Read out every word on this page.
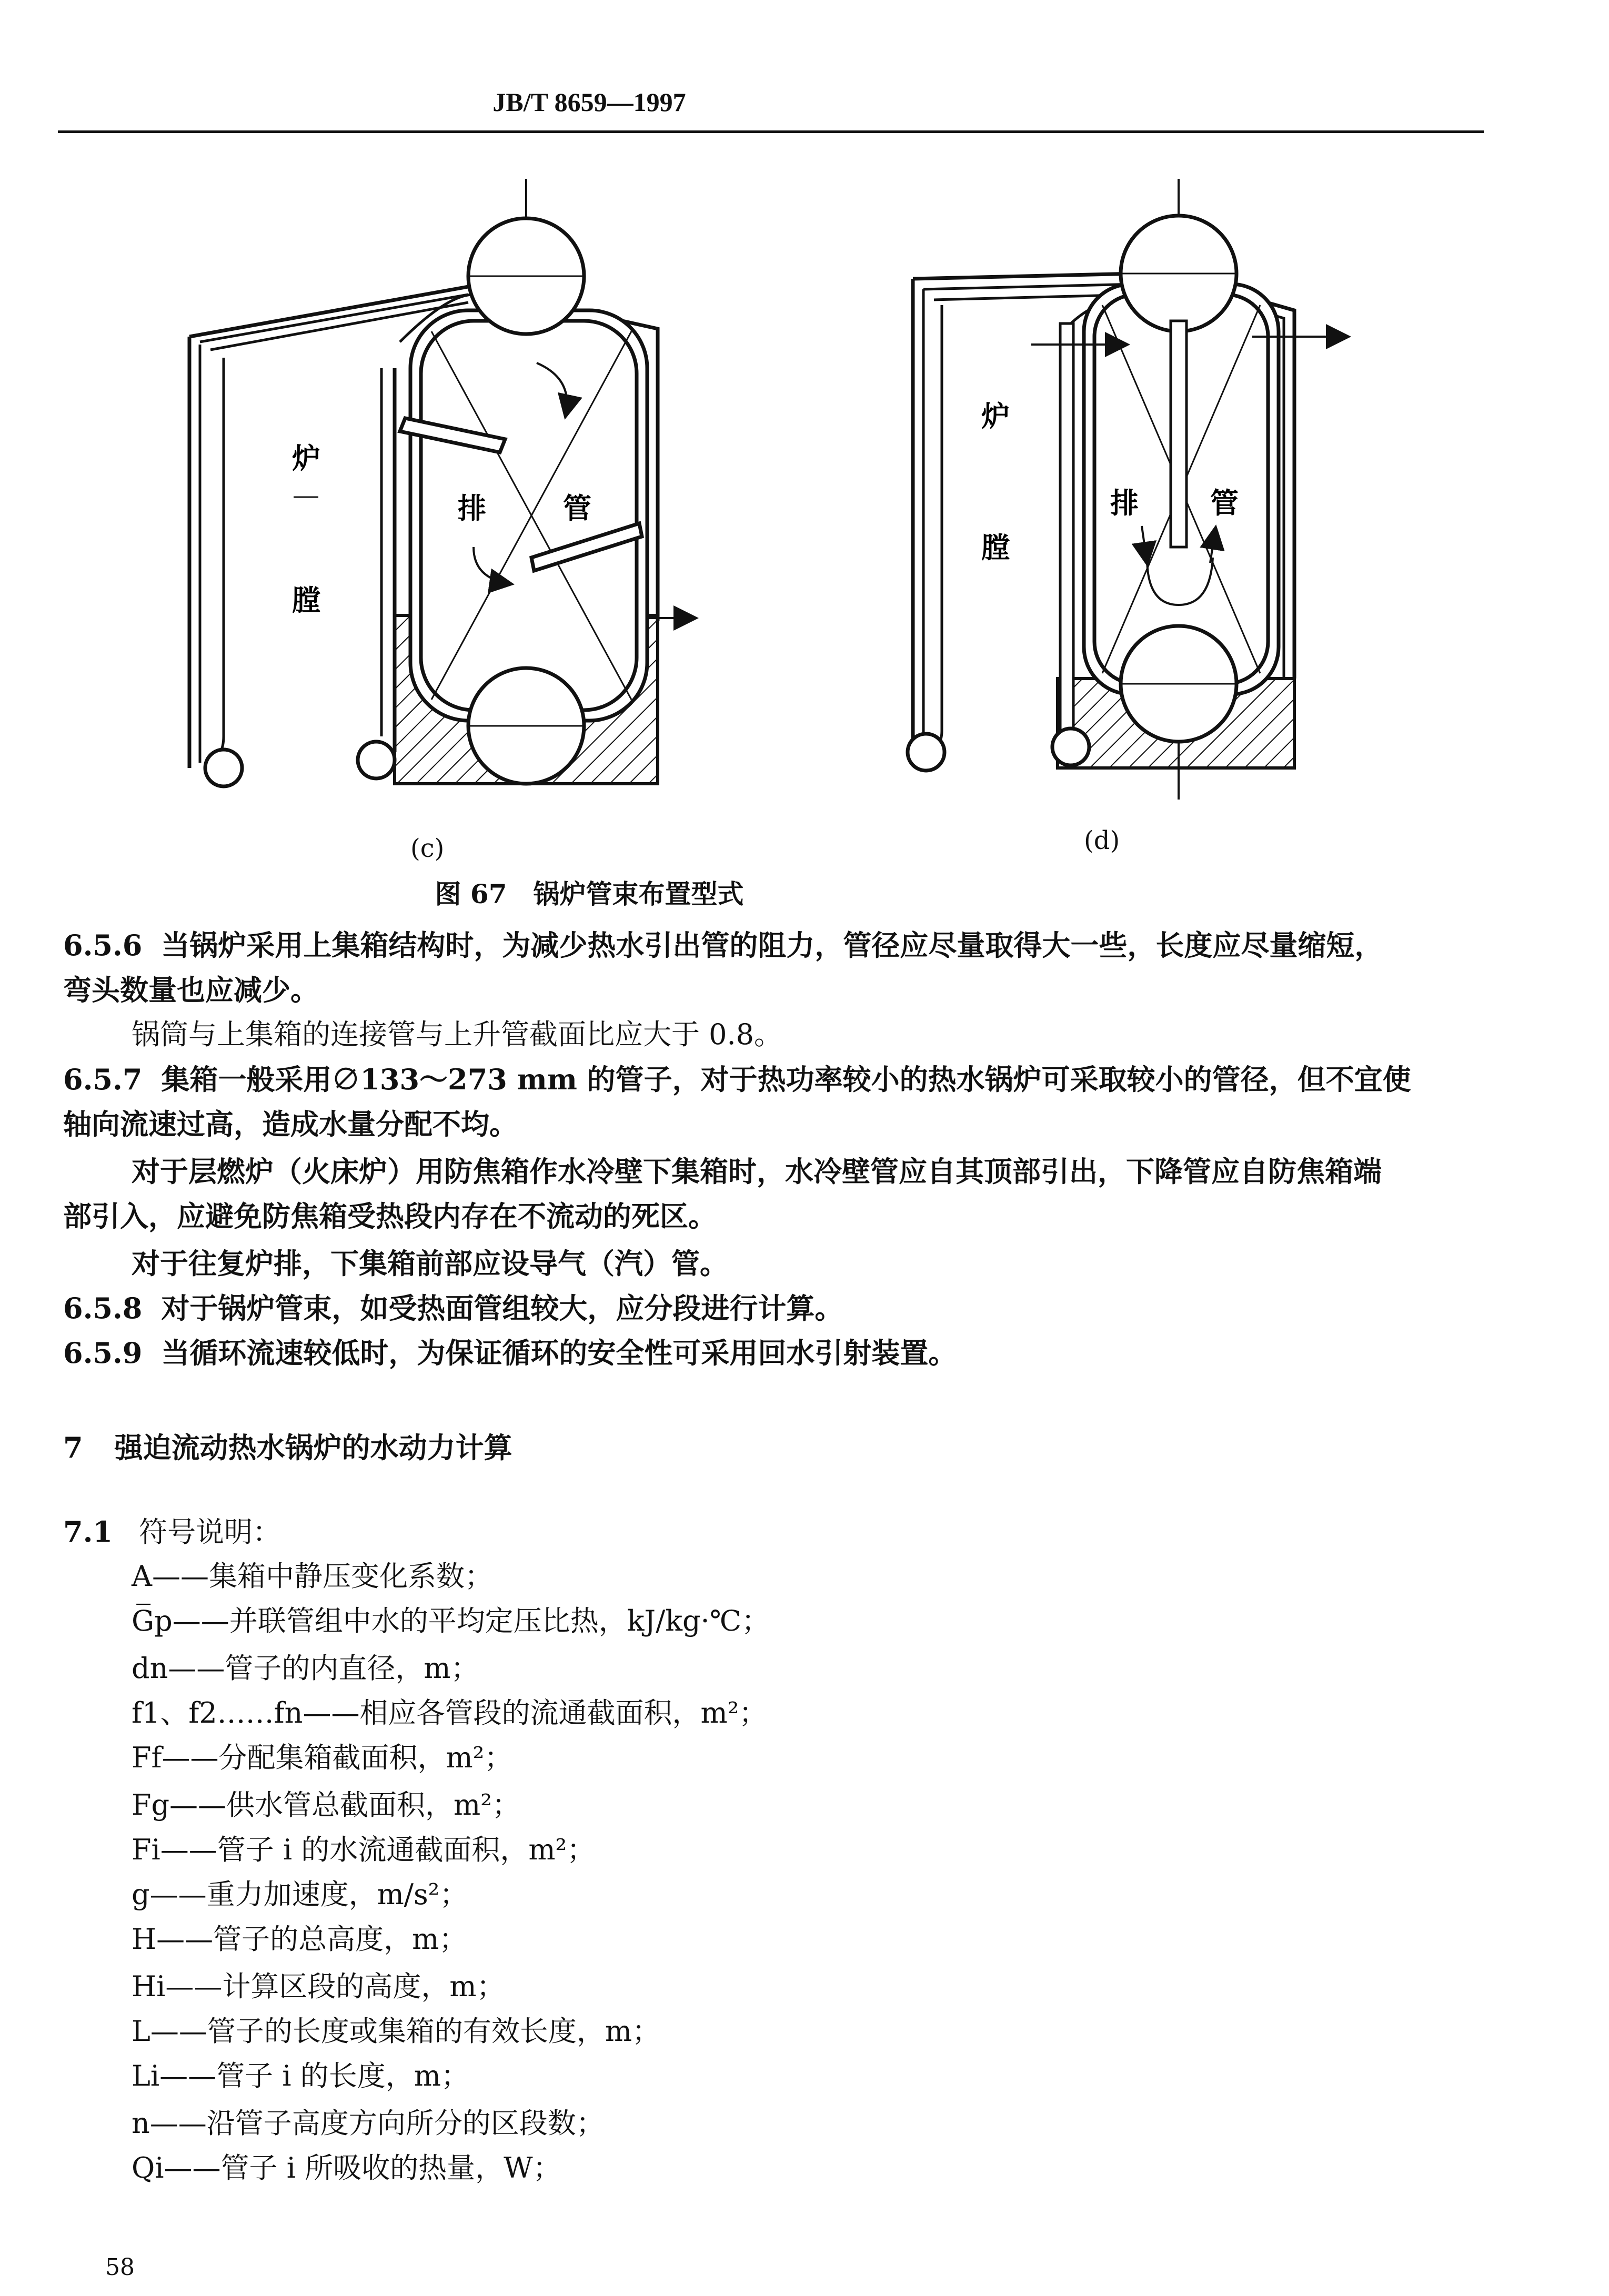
JB/T 8659—1997
炉
膛
排	管
炉
膛
排	管
(c)	(d)
图 67　锅炉管束布置型式
6.5.6 当锅炉采用上集箱结构时，为减少热水引出管的阻力，管径应尽量取得大一些，长度应尽量缩短，
弯头数量也应减少。
锅筒与上集箱的连接管与上升管截面比应大于 0.8。
6.5.7 集箱一般采用∅133～273 mm 的管子，对于热功率较小的热水锅炉可采取较小的管径，但不宜使
轴向流速过高，造成水量分配不均。
对于层燃炉（火床炉）用防焦箱作水冷壁下集箱时，水冷壁管应自其顶部引出，下降管应自防焦箱端
部引入，应避免防焦箱受热段内存在不流动的死区。
对于往复炉排，下集箱前部应设导气（汽）管。
6.5.8 对于锅炉管束，如受热面管组较大，应分段进行计算。
6.5.9 当循环流速较低时，为保证循环的安全性可采用回水引射装置。
7 强迫流动热水锅炉的水动力计算
7.1 符号说明：
A——集箱中静压变化系数；
G̅p——并联管组中水的平均定压比热，kJ/kg·℃；
dn——管子的内直径，m；
f1、f2……fn——相应各管段的流通截面积，m²；
Ff——分配集箱截面积，m²；
Fg——供水管总截面积，m²；
Fi——管子 i 的水流通截面积，m²；
g——重力加速度，m/s²；
H——管子的总高度，m；
Hi——计算区段的高度，m；
L——管子的长度或集箱的有效长度，m；
Li——管子 i 的长度，m；
n——沿管子高度方向所分的区段数；
Qi——管子 i 所吸收的热量，W；
58
